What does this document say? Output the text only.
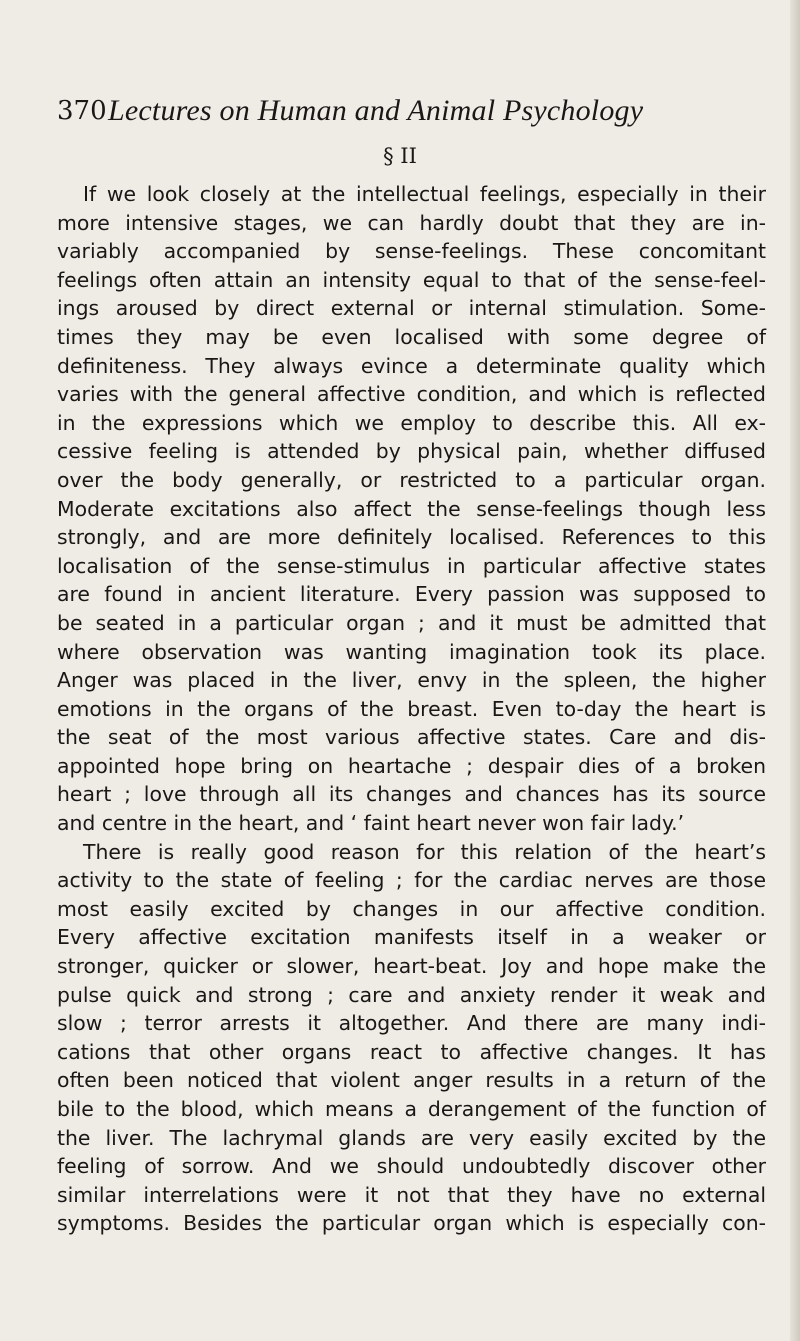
370 Lectures on Human and Animal Psychology
§ II
If we look closely at the intellectual feelings, especially in their
more intensive stages, we can hardly doubt that they are in-
variably accompanied by sense-feelings. These concomitant
feelings often attain an intensity equal to that of the sense-feel-
ings aroused by direct external or internal stimulation. Some-
times they may be even localised with some degree of
definiteness. They always evince a determinate quality which
varies with the general affective condition, and which is reflected
in the expressions which we employ to describe this. All ex-
cessive feeling is attended by physical pain, whether diffused
over the body generally, or restricted to a particular organ.
Moderate excitations also affect the sense-feelings though less
strongly, and are more definitely localised. References to this
localisation of the sense-stimulus in particular affective states
are found in ancient literature. Every passion was supposed to
be seated in a particular organ ; and it must be admitted that
where observation was wanting imagination took its place.
Anger was placed in the liver, envy in the spleen, the higher
emotions in the organs of the breast. Even to-day the heart is
the seat of the most various affective states. Care and dis-
appointed hope bring on heartache ; despair dies of a broken
heart ; love through all its changes and chances has its source
and centre in the heart, and ‘ faint heart never won fair lady.’
There is really good reason for this relation of the heart’s
activity to the state of feeling ; for the cardiac nerves are those
most easily excited by changes in our affective condition.
Every affective excitation manifests itself in a weaker or
stronger, quicker or slower, heart-beat. Joy and hope make the
pulse quick and strong ; care and anxiety render it weak and
slow ; terror arrests it altogether. And there are many indi-
cations that other organs react to affective changes. It has
often been noticed that violent anger results in a return of the
bile to the blood, which means a derangement of the function of
the liver. The lachrymal glands are very easily excited by the
feeling of sorrow. And we should undoubtedly discover other
similar interrelations were it not that they have no external
symptoms. Besides the particular organ which is especially con-
